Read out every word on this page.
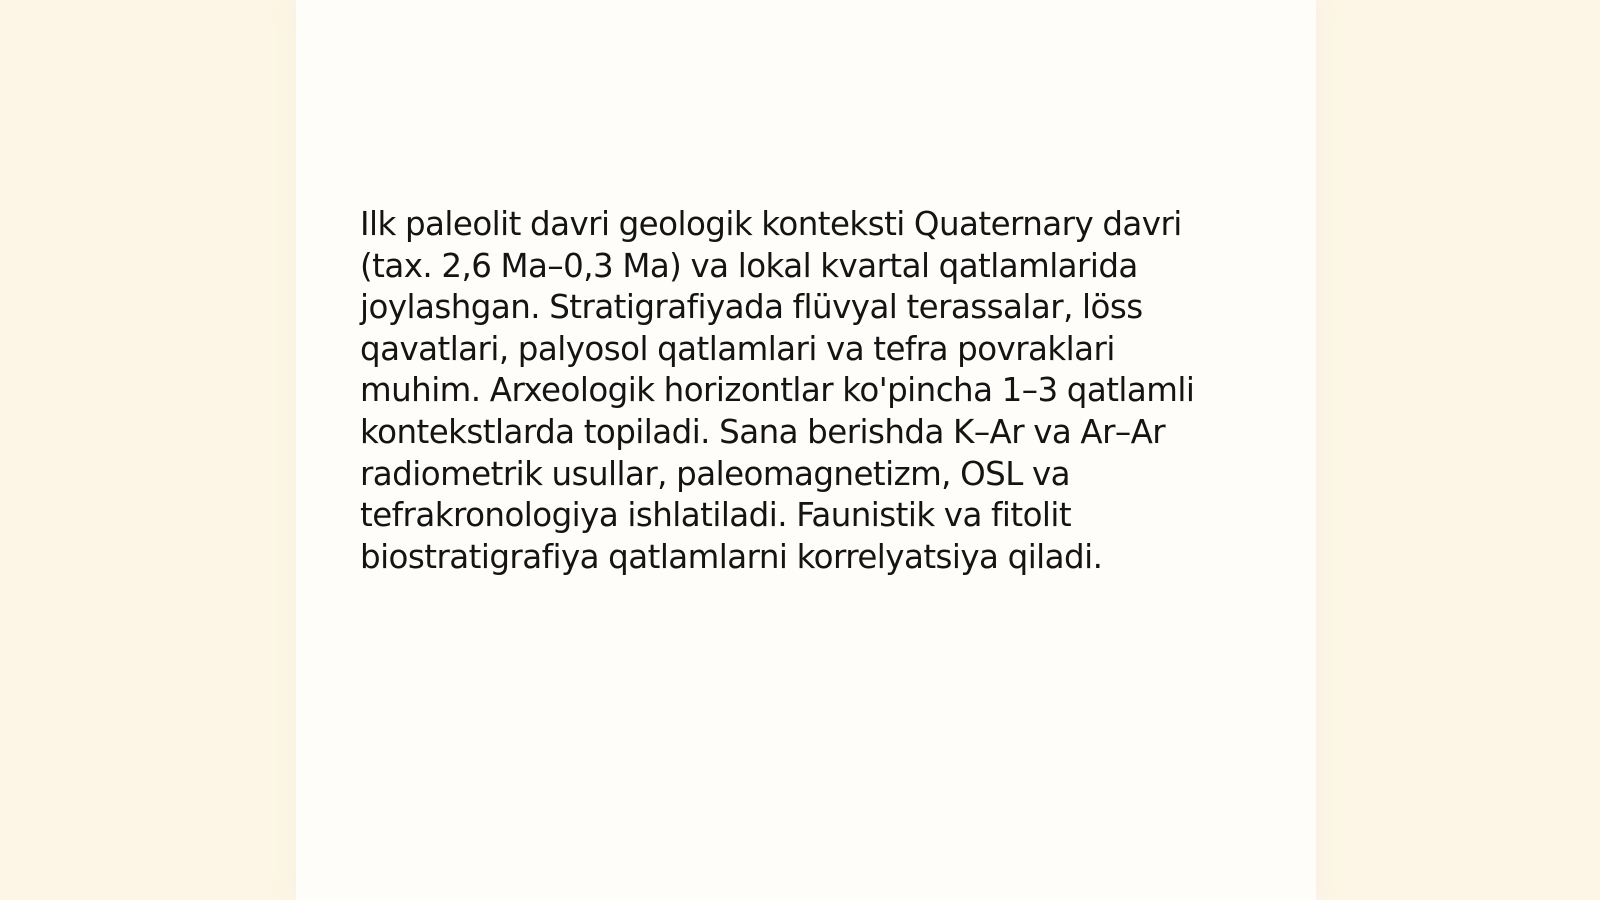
Ilk paleolit davri geologik konteksti Quaternary davri
(tax. 2,6 Ma–0,3 Ma) va lokal kvartal qatlamlarida
joylashgan. Stratigrafiyada flüvyal terassalar, löss
qavatlari, palyosol qatlamlari va tefra povraklari
muhim. Arxeologik horizontlar ko'pincha 1–3 qatlamli
kontekstlarda topiladi. Sana berishda K–Ar va Ar–Ar
radiometrik usullar, paleomagnetizm, OSL va
tefrakronologiya ishlatiladi. Faunistik va fitolit
biostratigrafiya qatlamlarni korrelyatsiya qiladi.
